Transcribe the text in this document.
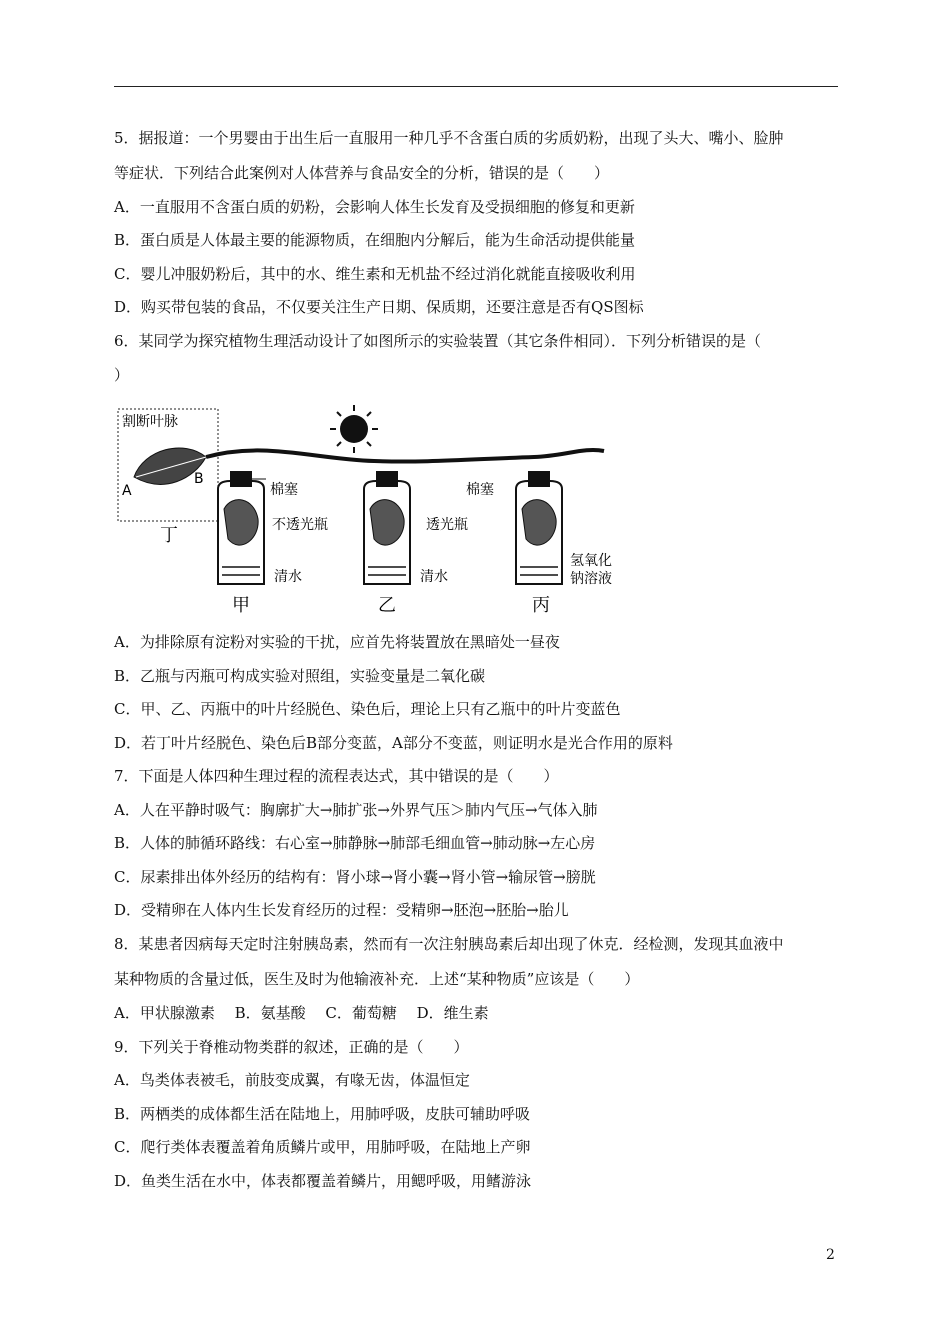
5．据报道：一个男婴由于出生后一直服用一种几乎不含蛋白质的劣质奶粉，出现了头大、嘴小、脸肿
等症状．下列结合此案例对人体营养与食品安全的分析，错误的是（　　）
A．一直服用不含蛋白质的奶粉，会影响人体生长发育及受损细胞的修复和更新
B．蛋白质是人体最主要的能源物质，在细胞内分解后，能为生命活动提供能量
C．婴儿冲服奶粉后，其中的水、维生素和无机盐不经过消化就能直接吸收利用
D．购买带包装的食品，不仅要关注生产日期、保质期，还要注意是否有QS图标
6．某同学为探究植物生理活动设计了如图所示的实验装置（其它条件相同）．下列分析错误的是（
）
割断叶脉
A
B
丁
棉塞	棉塞
不透光瓶	透光瓶
清水	清水
氢氧化
钠溶液
甲	乙	丙
A．为排除原有淀粉对实验的干扰，应首先将装置放在黑暗处一昼夜
B．乙瓶与丙瓶可构成实验对照组，实验变量是二氧化碳
C．甲、乙、丙瓶中的叶片经脱色、染色后，理论上只有乙瓶中的叶片变蓝色
D．若丁叶片经脱色、染色后B部分变蓝，A部分不变蓝，则证明水是光合作用的原料
7．下面是人体四种生理过程的流程表达式，其中错误的是（　　）
A．人在平静时吸气：胸廓扩大→肺扩张→外界气压＞肺内气压→气体入肺
B．人体的肺循环路线：右心室→肺静脉→肺部毛细血管→肺动脉→左心房
C．尿素排出体外经历的结构有：肾小球→肾小囊→肾小管→输尿管→膀胱
D．受精卵在人体内生长发育经历的过程：受精卵→胚泡→胚胎→胎儿
8．某患者因病每天定时注射胰岛素，然而有一次注射胰岛素后却出现了休克．经检测，发现其血液中
某种物质的含量过低，医生及时为他输液补充．上述“某种物质”应该是（　　）
A．甲状腺激素　 B．氨基酸　 C．葡萄糖　 D．维生素
9．下列关于脊椎动物类群的叙述，正确的是（　　）
A．鸟类体表被毛，前肢变成翼，有喙无齿，体温恒定
B．两栖类的成体都生活在陆地上，用肺呼吸，皮肤可辅助呼吸
C．爬行类体表覆盖着角质鳞片或甲，用肺呼吸，在陆地上产卵
D．鱼类生活在水中，体表都覆盖着鳞片，用鳃呼吸，用鳍游泳
2
